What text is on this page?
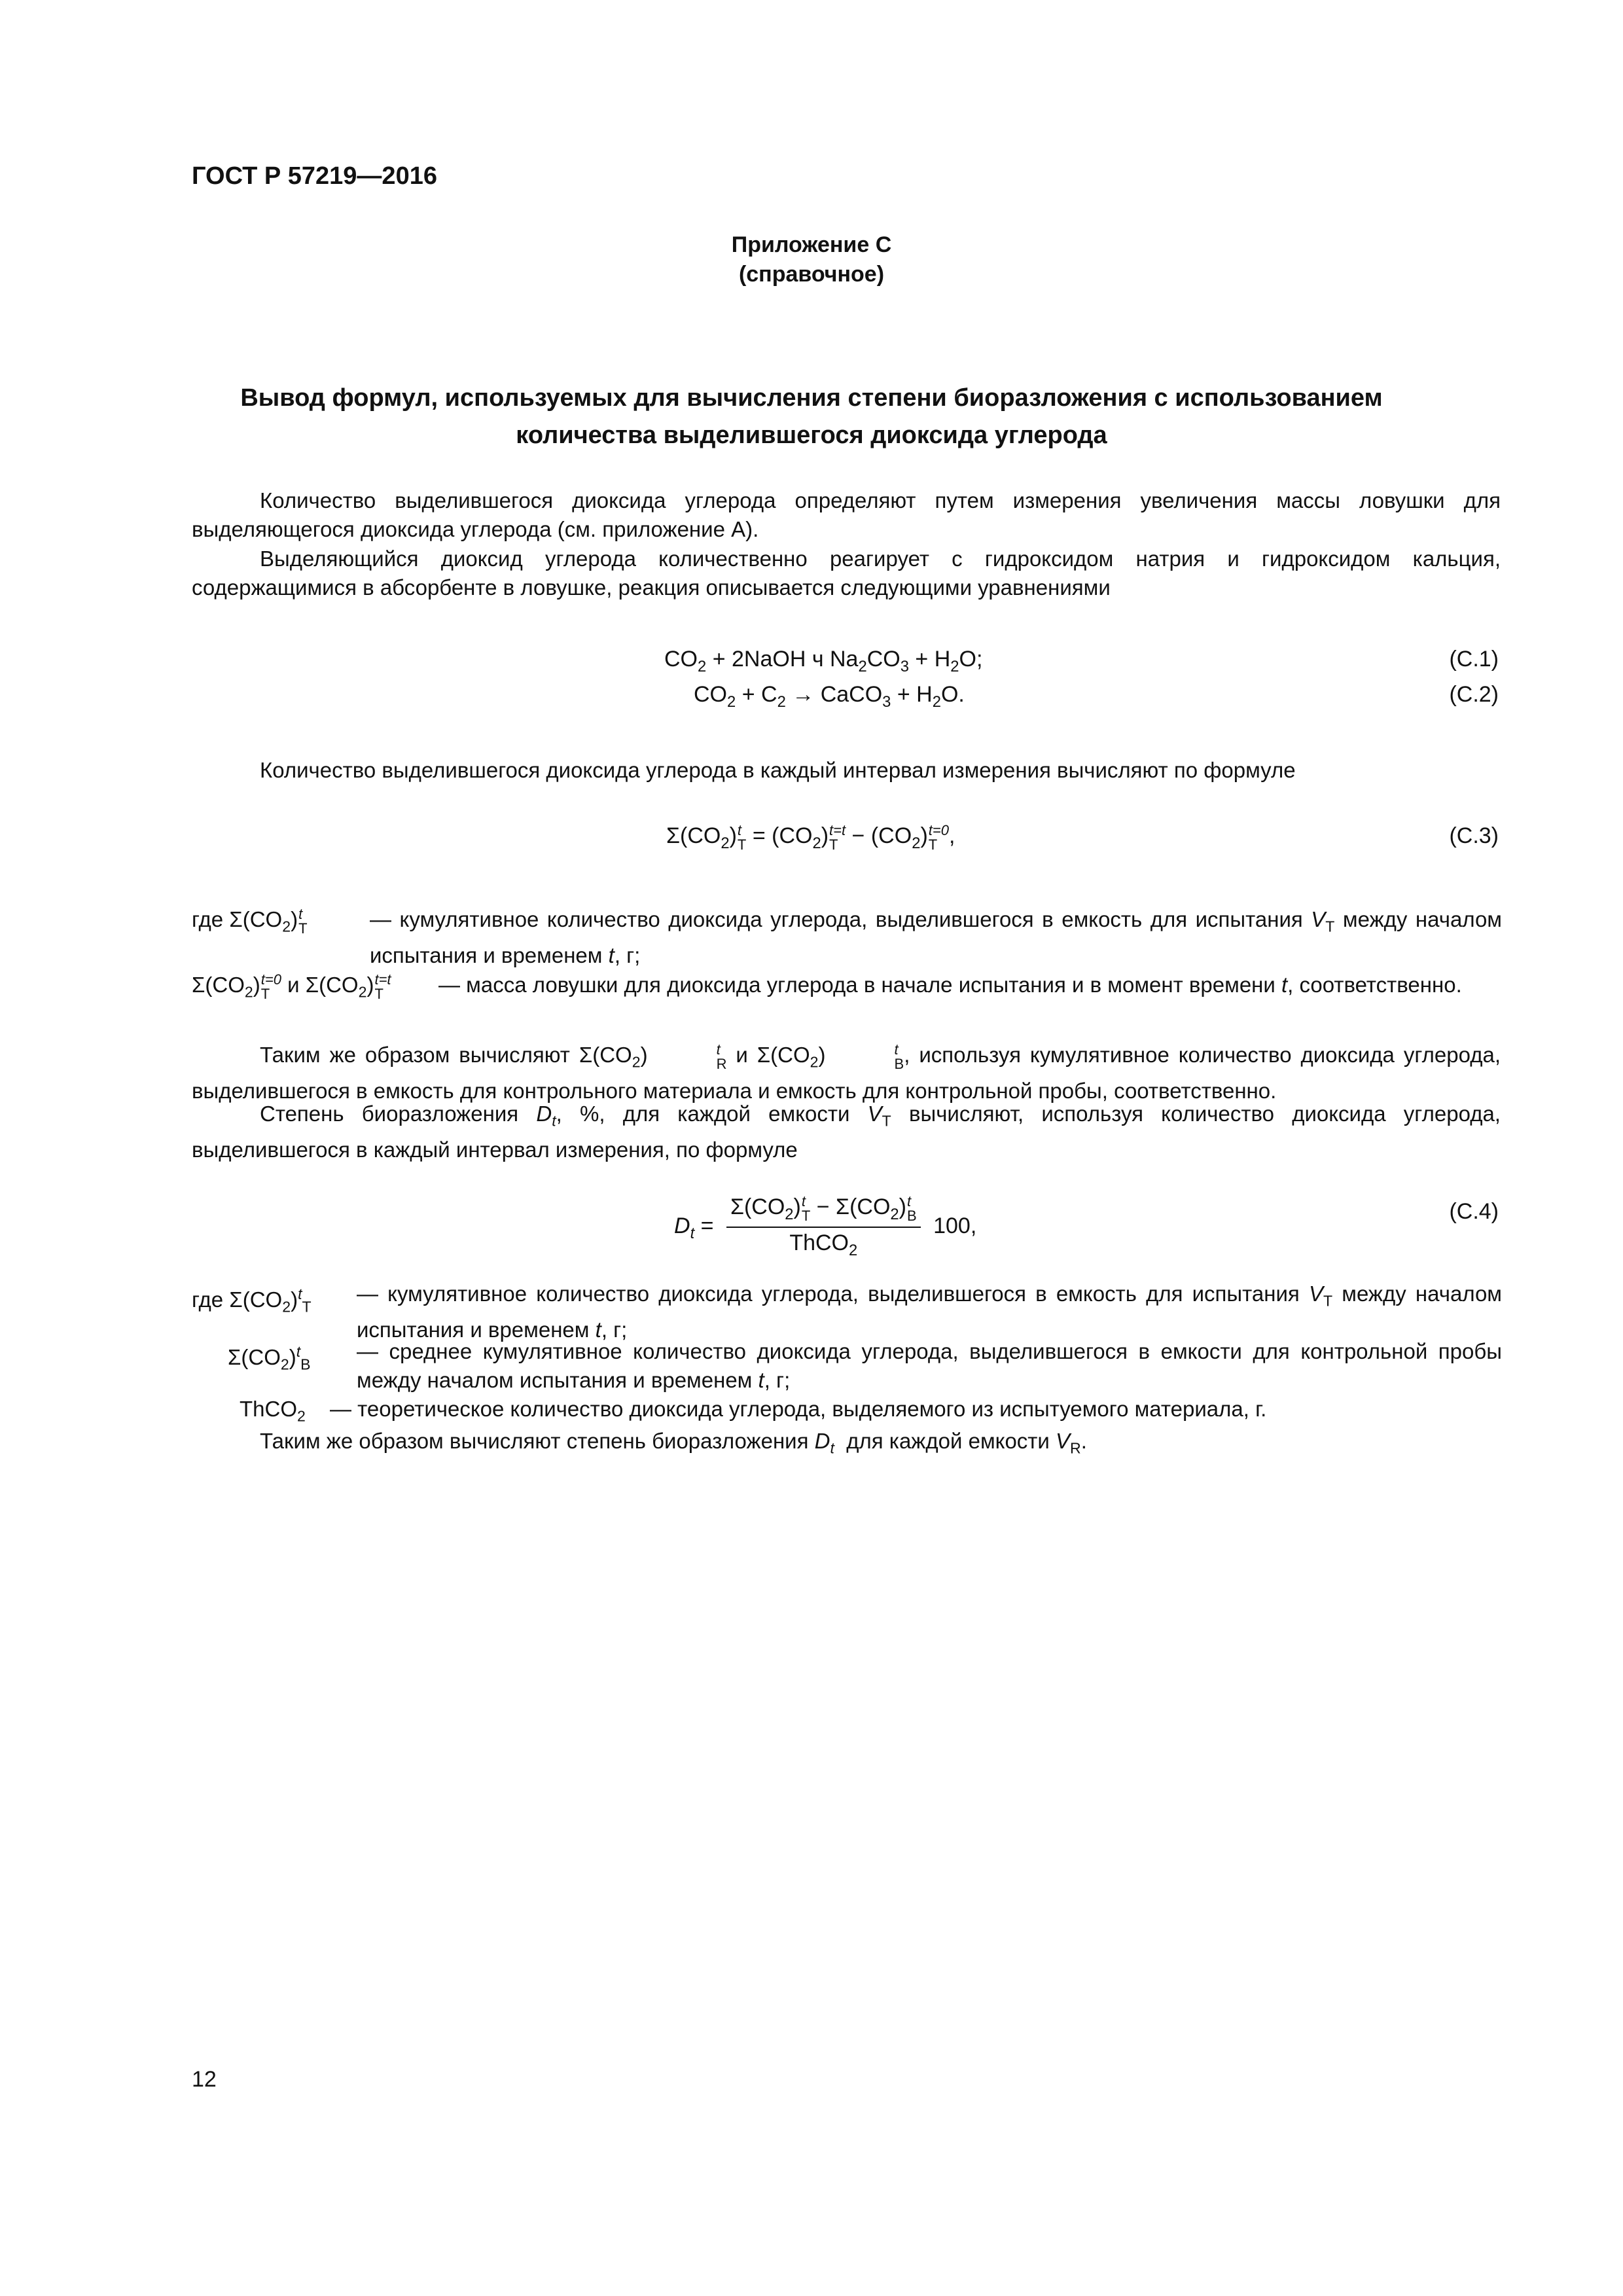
ГОСТ Р 57219—2016
Приложение С
(справочное)
Вывод формул, используемых для вычисления степени биоразложения с использованием
количества выделившегося диоксида углерода
Количество выделившегося диоксида углерода определяют путем измерения увеличения массы ловушки для выделяющегося диоксида углерода (см. приложение А).
Выделяющийся диоксид углерода количественно реагирует с гидроксидом натрия и гидроксидом кальция, содержащимися в абсорбенте в ловушке, реакция описывается следующими уравнениями
$CO_2$ + 2NaOH ч $Na_2CO_3 + H_2O$;	(С.1)
$CO_2 + C_2$ → CaCO$_3$ + $H_2O$.	(С.2)
Количество выделившегося диоксида углерода в каждый интервал измерения вычисляют по формуле
$\Sigma(CO_2)$ t
$T = (CO_2)$ t=t
$T - (CO_2)$ t=0
T ,	(С.3)
где $\Sigma(CO_2)$ t
T	— кумулятивное количество диоксида углерода, выделившегося в емкость для испытания $V_T$ между началом испытания и временем t, г;
$\Sigma(CO_2)$ t=0
T и $\Sigma(CO_2)$ t=t
T	— масса ловушки для диоксида углерода в начале испытания и в момент времени t, соответственно.
Таким же образом вычисляют $\Sigma(CO_2)$	t
R и $\Sigma(CO_2)$	t
B , используя кумулятивное количество диоксида углерода, выделившегося в емкость для контрольного материала и емкость для контрольной пробы, соответственно.
Степень биоразложения $D_t$, %, для каждой емкости $V_T$ вычисляют, используя количество диоксида углерода, выделившегося в каждый интервал измерения, по формуле
$D_t = \Sigma(CO_2)$ t
$T - \Sigma(CO_2)$ t
B
ThCO$_2$ 100,
(С.4)
где $\Sigma(CO_2)^t_T$
— кумулятивное количество диоксида углерода, выделившегося в емкость для испытания $V_T$ между началом испытания и временем t, г;
$\Sigma(CO_2)^t_B$
— среднее кумулятивное количество диоксида углерода, выделившегося в емкости для контрольной пробы между началом испытания и временем t, г;
ThCO$_2$ — теоретическое количество диоксида углерода, выделяемого из испытуемого материала, г.
Таким же образом вычисляют степень биоразложения $D_t$  для каждой емкости $V_R$.
12
